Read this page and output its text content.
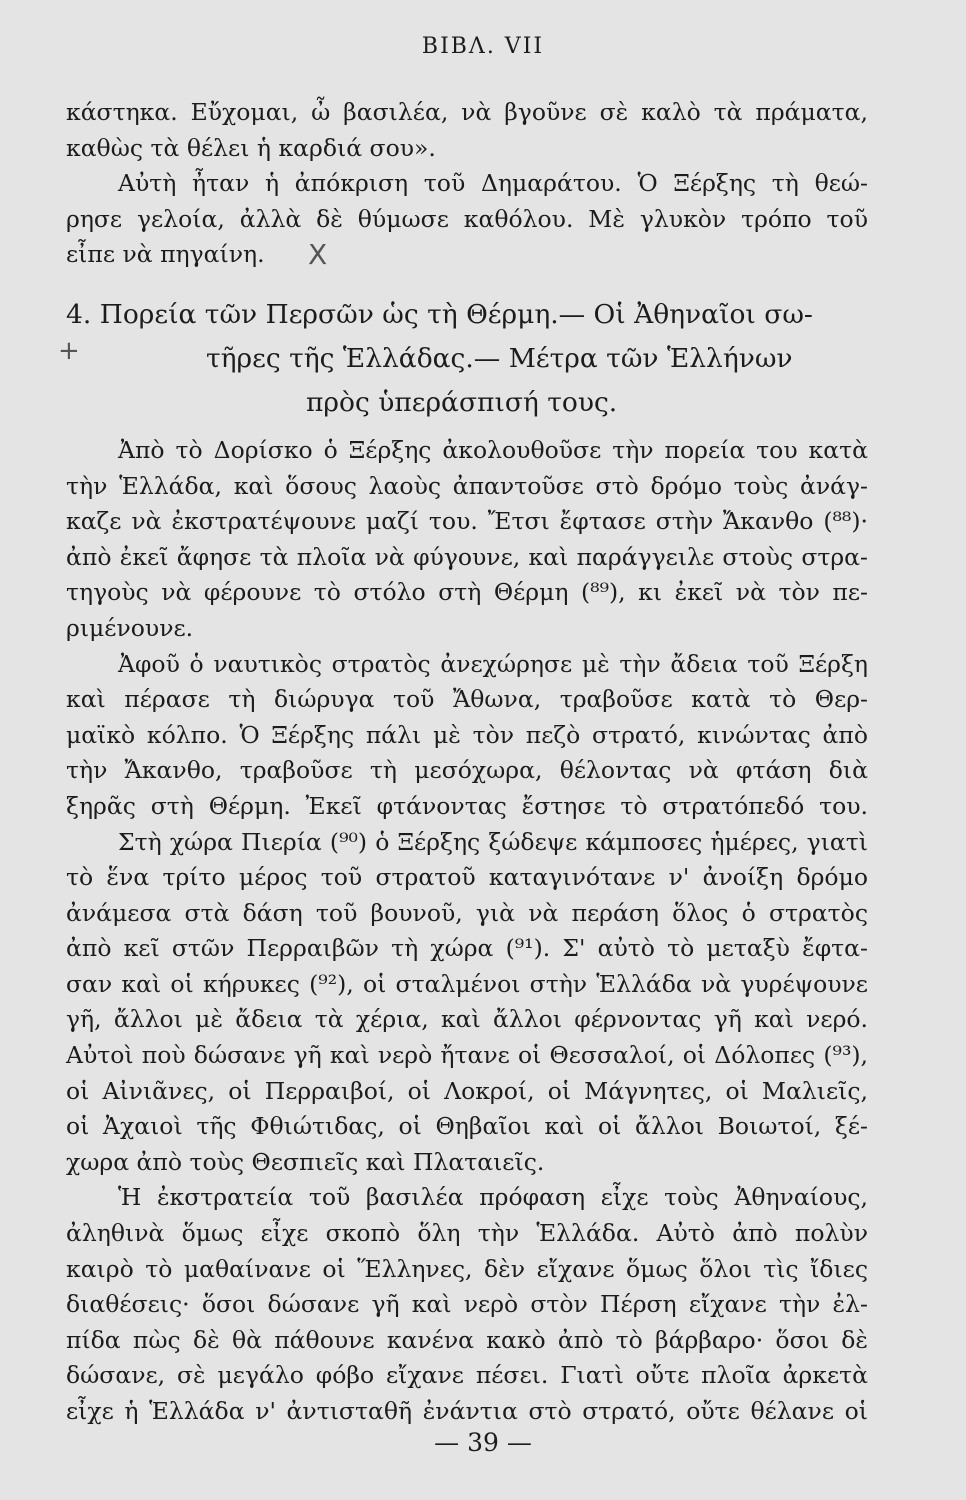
ΒΙΒΛ. VII
X
+
κάστηκα. Εὔχομαι, ὦ βασιλέα, νὰ βγοῦνε σὲ καλὸ τὰ πράματα,
καθὼς τὰ θέλει ἡ καρδιά σου».
Αὐτὴ ἦταν ἡ ἀπόκριση τοῦ Δημαράτου. Ὁ Ξέρξης τὴ θεώ-
ρησε γελοία, ἀλλὰ δὲ θύμωσε καθόλου. Μὲ γλυκὸν τρόπο τοῦ
εἶπε νὰ πηγαίνη.
4. Πορεία τῶν Περσῶν ὡς τὴ Θέρμη.— Οἱ Ἀθηναῖοι σω-
τῆρες τῆς Ἑλλάδας.— Μέτρα τῶν Ἑλλήνων
πρὸς ὑπεράσπισή τους.
Ἀπὸ τὸ Δορίσκο ὁ Ξέρξης ἀκολουθοῦσε τὴν πορεία του κατὰ
τὴν Ἑλλάδα, καὶ ὅσους λαοὺς ἀπαντοῦσε στὸ δρόμο τοὺς ἀνάγ-
καζε νὰ ἐκστρατέψουνε μαζί του. Ἔτσι ἔφτασε στὴν Ἄκανθο (⁸⁸)·
ἀπὸ ἐκεῖ ἄφησε τὰ πλοῖα νὰ φύγουνε, καὶ παράγγειλε στοὺς στρα-
τηγοὺς νὰ φέρουνε τὸ στόλο στὴ Θέρμη (⁸⁹), κι ἐκεῖ νὰ τὸν πε-
ριμένουνε.
Ἀφοῦ ὁ ναυτικὸς στρατὸς ἀνεχώρησε μὲ τὴν ἄδεια τοῦ Ξέρξη
καὶ πέρασε τὴ διώρυγα τοῦ Ἄθωνα, τραβοῦσε κατὰ τὸ Θερ-
μαϊκὸ κόλπο. Ὁ Ξέρξης πάλι μὲ τὸν πεζὸ στρατό, κινώντας ἀπὸ
τὴν Ἄκανθο, τραβοῦσε τὴ μεσόχωρα, θέλοντας νὰ φτάση διὰ
ξηρᾶς στὴ Θέρμη. Ἐκεῖ φτάνοντας ἔστησε τὸ στρατόπεδό του.
Στὴ χώρα Πιερία (⁹⁰) ὁ Ξέρξης ξώδεψε κάμποσες ἡμέρες, γιατὶ
τὸ ἕνα τρίτο μέρος τοῦ στρατοῦ καταγινότανε ν' ἀνοίξη δρόμο
ἀνάμεσα στὰ δάση τοῦ βουνοῦ, γιὰ νὰ περάση ὅλος ὁ στρατὸς
ἀπὸ κεῖ στῶν Περραιβῶν τὴ χώρα (⁹¹). Σ' αὐτὸ τὸ μεταξὺ ἔφτα-
σαν καὶ οἱ κήρυκες (⁹²), οἱ σταλμένοι στὴν Ἑλλάδα νὰ γυρέψουνε
γῆ, ἄλλοι μὲ ἄδεια τὰ χέρια, καὶ ἄλλοι φέρνοντας γῆ καὶ νερό.
Αὐτοὶ ποὺ δώσανε γῆ καὶ νερὸ ἤτανε οἱ Θεσσαλοί, οἱ Δόλοπες (⁹³),
οἱ Αἰνιᾶνες, οἱ Περραιβοί, οἱ Λοκροί, οἱ Μάγνητες, οἱ Μαλιεῖς,
οἱ Ἀχαιοὶ τῆς Φθιώτιδας, οἱ Θηβαῖοι καὶ οἱ ἄλλοι Βοιωτοί, ξέ-
χωρα ἀπὸ τοὺς Θεσπιεῖς καὶ Πλαταιεῖς.
Ἡ ἐκστρατεία τοῦ βασιλέα πρόφαση εἶχε τοὺς Ἀθηναίους,
ἀληθινὰ ὅμως εἶχε σκοπὸ ὅλη τὴν Ἑλλάδα. Αὐτὸ ἀπὸ πολὺν
καιρὸ τὸ μαθαίνανε οἱ Ἕλληνες, δὲν εἴχανε ὅμως ὅλοι τὶς ἴδιες
διαθέσεις· ὅσοι δώσανε γῆ καὶ νερὸ στὸν Πέρση εἴχανε τὴν ἐλ-
πίδα πὼς δὲ θὰ πάθουνε κανένα κακὸ ἀπὸ τὸ βάρβαρο· ὅσοι δὲ
δώσανε, σὲ μεγάλο φόβο εἴχανε πέσει. Γιατὶ οὔτε πλοῖα ἀρκετὰ
εἶχε ἡ Ἑλλάδα ν' ἀντισταθῆ ἐνάντια στὸ στρατό, οὔτε θέλανε οἱ
— 39 —
